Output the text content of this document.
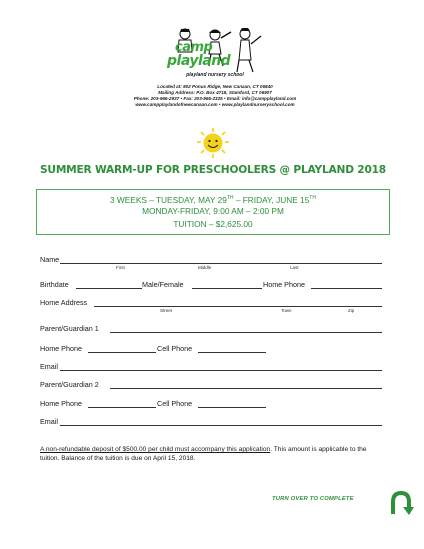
camp
playland
playland nursery school
Located at: 802 Ponus Ridge, New Canaan, CT 06840
Mailing Address: P.O. Box 4718, Stamford, CT 06907
Phone: 203-966-2937 • Fax: 203-966-2325 • Email: info@campplayland.com
www.campplaylandofnewcanaan.com • www.playlandnurseryschool.com
SUMMER WARM-UP FOR PRESCHOOLERS @ PLAYLAND 2018
3 WEEKS – TUESDAY, MAY 29TH – FRIDAY, JUNE 15TH
MONDAY-FRIDAY, 9:00 AM – 2:00 PM
TUITION – $2,625.00
Name
First	Middle	Last
Birthdate	Male/Female	Home Phone
Home Address
Street	Town	Zip
Parent/Guardian 1
Home Phone	Cell Phone
Email
Parent/Guardian 2
Home Phone	Cell Phone
Email
A non-refundable deposit of $500.00 per child must accompany this application. This amount is applicable to the tuition. Balance of the tuition is due on April 15, 2018.
TURN OVER TO COMPLETE
